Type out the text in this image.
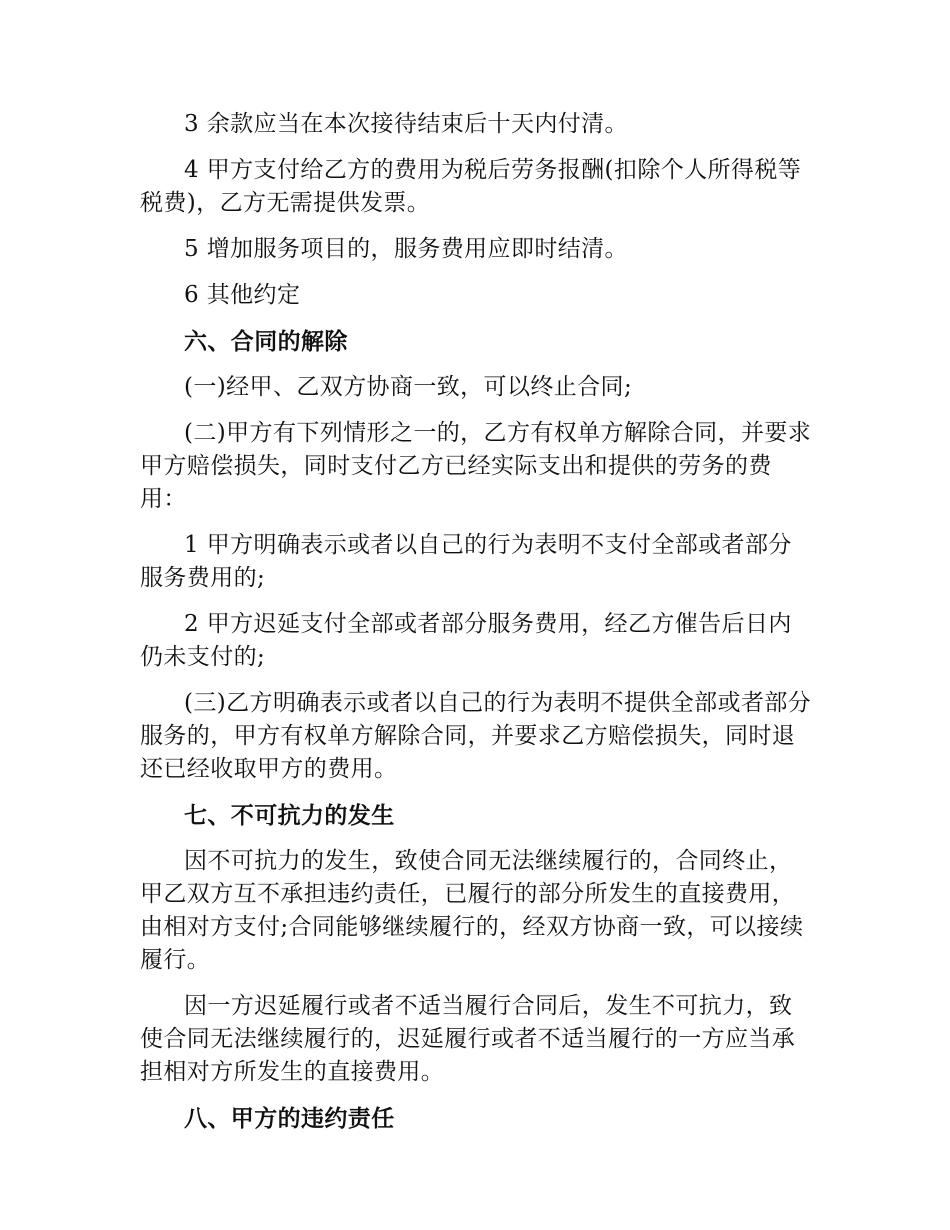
3 余款应当在本次接待结束后十天内付清。

4 甲方支付给乙方的费用为税后劳务报酬(扣除个人所得税等税费)，乙方无需提供发票。

5 增加服务项目的，服务费用应即时结清。

6 其他约定

六、合同的解除

(一)经甲、乙双方协商一致，可以终止合同;

(二)甲方有下列情形之一的，乙方有权单方解除合同，并要求甲方赔偿损失，同时支付乙方已经实际支出和提供的劳务的费用：

1 甲方明确表示或者以自己的行为表明不支付全部或者部分服务费用的;

2 甲方迟延支付全部或者部分服务费用，经乙方催告后日内仍未支付的;

(三)乙方明确表示或者以自己的行为表明不提供全部或者部分服务的，甲方有权单方解除合同，并要求乙方赔偿损失，同时退还已经收取甲方的费用。

七、不可抗力的发生

因不可抗力的发生，致使合同无法继续履行的，合同终止，甲乙双方互不承担违约责任，已履行的部分所发生的直接费用，由相对方支付;合同能够继续履行的，经双方协商一致，可以接续履行。

因一方迟延履行或者不适当履行合同后，发生不可抗力，致使合同无法继续履行的，迟延履行或者不适当履行的一方应当承担相对方所发生的直接费用。

八、甲方的违约责任
